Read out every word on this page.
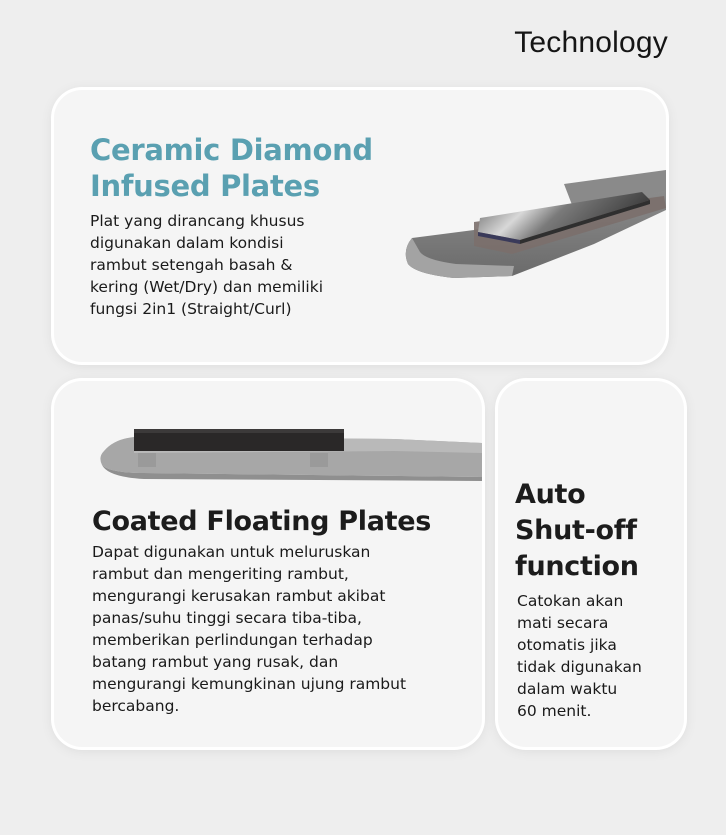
Technology
Ceramic Diamond
Infused Plates

Plat yang dirancang khusus
digunakan dalam kondisi
rambut setengah basah &
kering (Wet/Dry) dan memiliki
fungsi 2in1 (Straight/Curl)

Coated Floating Plates

Dapat digunakan untuk meluruskan
rambut dan mengeriting rambut,
mengurangi kerusakan rambut akibat
panas/suhu tinggi secara tiba-tiba,
memberikan perlindungan terhadap
batang rambut yang rusak, dan
mengurangi kemungkinan ujung rambut
bercabang.

Auto
Shut-off
function

Catokan akan
mati secara
otomatis jika
tidak digunakan
dalam waktu
60 menit.
